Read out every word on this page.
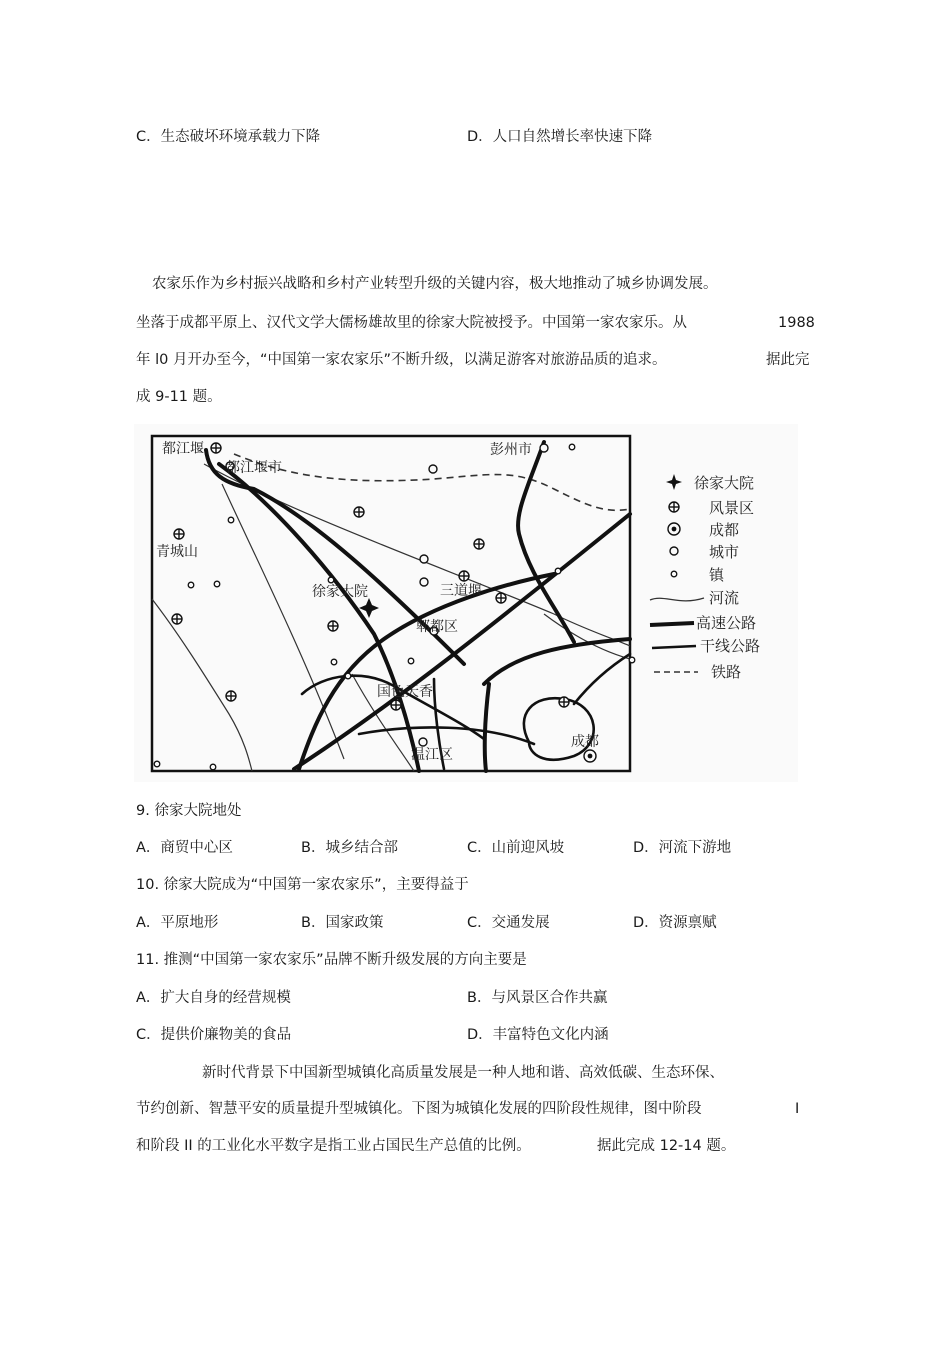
C．生态破坏环境承载力下降	D．人口自然增长率快速下降
农家乐作为乡村振兴战略和乡村产业转型升级的关键内容，极大地推动了城乡协调发展。
坐落于成都平原上、汉代文学大儒杨雄故里的徐家大院被授予。中国第一家农家乐。从	1988
年 l0 月开办至今，“中国第一家农家乐”不断升级，以满足游客对旅游品质的追求。	据此完
成 9-11 题。
都江堰
都江堰市
彭州市
青城山
徐家大院	三道堰
郫都区
国色天香
温江区
成都
徐家大院
风景区
成都
城市
镇
河流
高速公路
干线公路
铁路
9. 徐家大院地处
A．商贸中心区	B．城乡结合部	C．山前迎风坡	D．河流下游地
10. 徐家大院成为“中国第一家农家乐”，主要得益于
A．平原地形	B．国家政策	C．交通发展	D．资源禀赋
11. 推测“中国第一家农家乐”品牌不断升级发展的方向主要是
A．扩大自身的经营规模	B．与风景区合作共赢
C．提供价廉物美的食品	D．丰富特色文化内涵
新时代背景下中国新型城镇化高质量发展是一种人地和谐、高效低碳、生态环保、
节约创新、智慧平安的质量提升型城镇化。下图为城镇化发展的四阶段性规律，图中阶段	I
和阶段 II 的工业化水平数字是指工业占国民生产总值的比例。	据此完成 12-14 题。
